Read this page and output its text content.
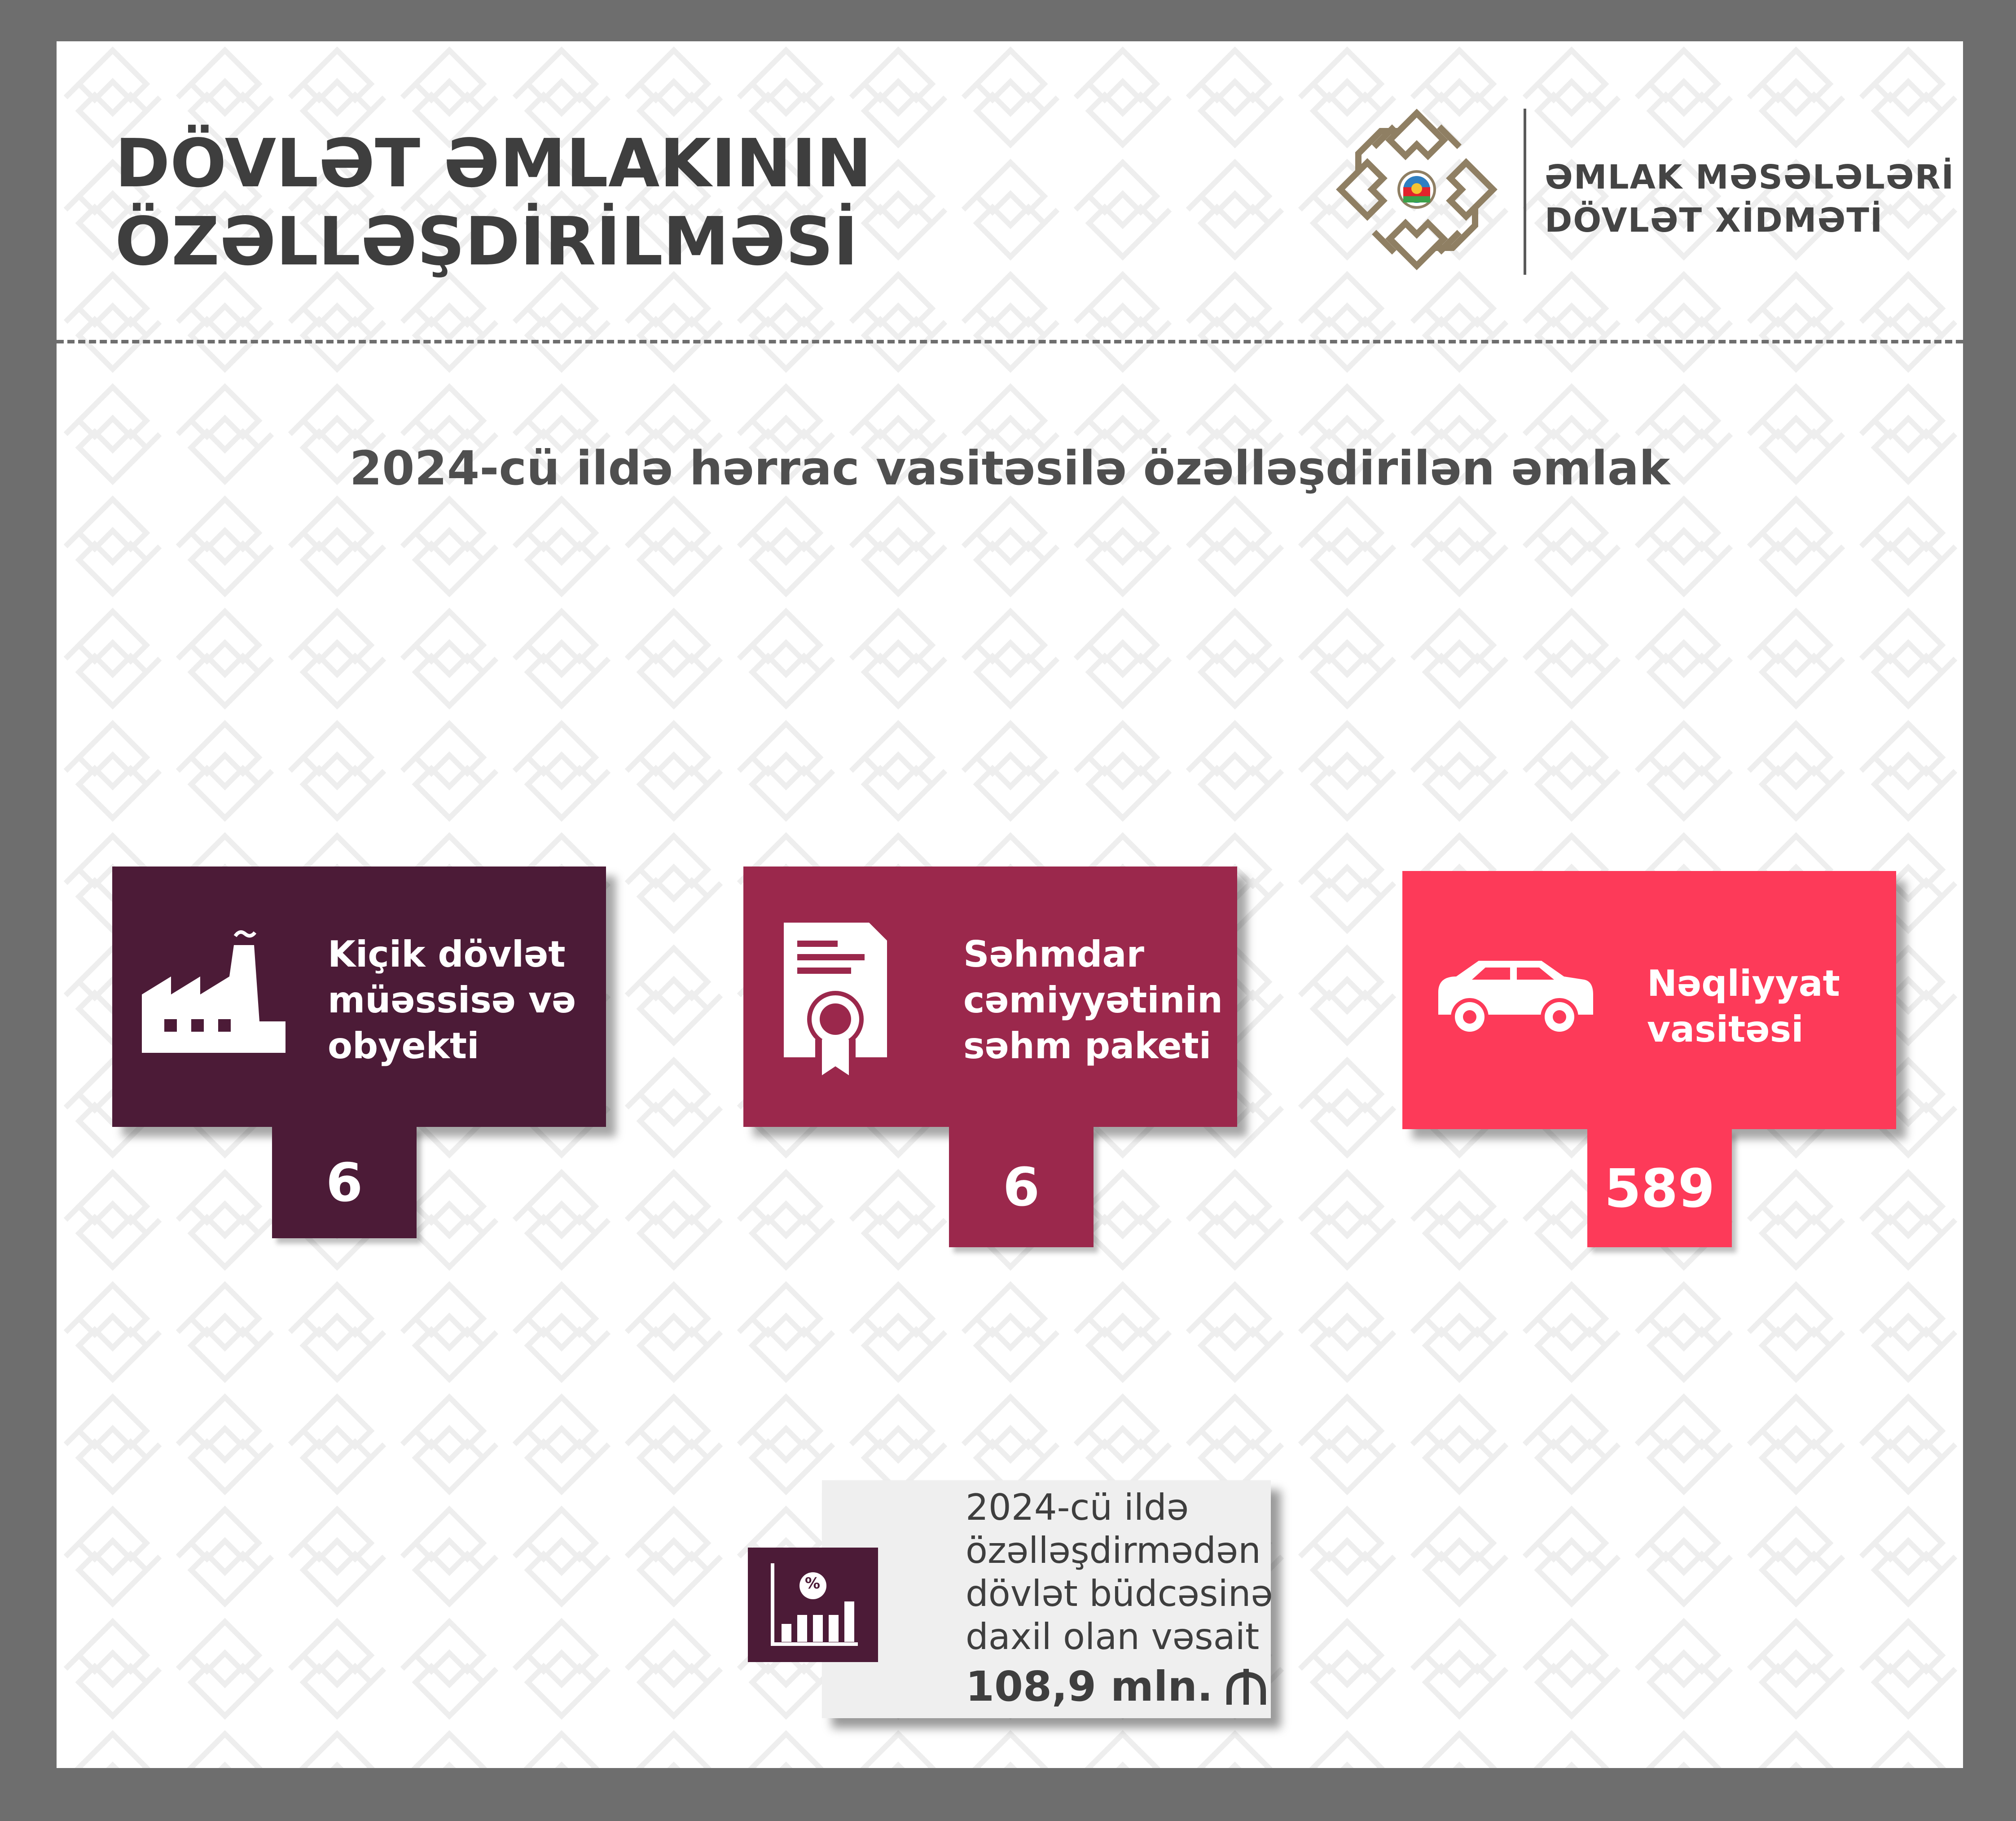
DÖVLƏT ƏMLAKININ
ÖZƏLLƏŞDİRİLMƏSİ
ƏMLAK MƏSƏLƏLƏRİ
DÖVLƏT XİDMƏTİ
2024-cü ildə hərrac vasitəsilə özəlləşdirilən əmlak
Kiçik dövlət
müəssisə və
obyekti
6
Səhmdar
cəmiyyətinin
səhm paketi
6
Nəqliyyat
vasitəsi
589
%
2024-cü ildə
özəlləşdirmədən
dövlət büdcəsinə
daxil olan vəsait
108,9 mln.
